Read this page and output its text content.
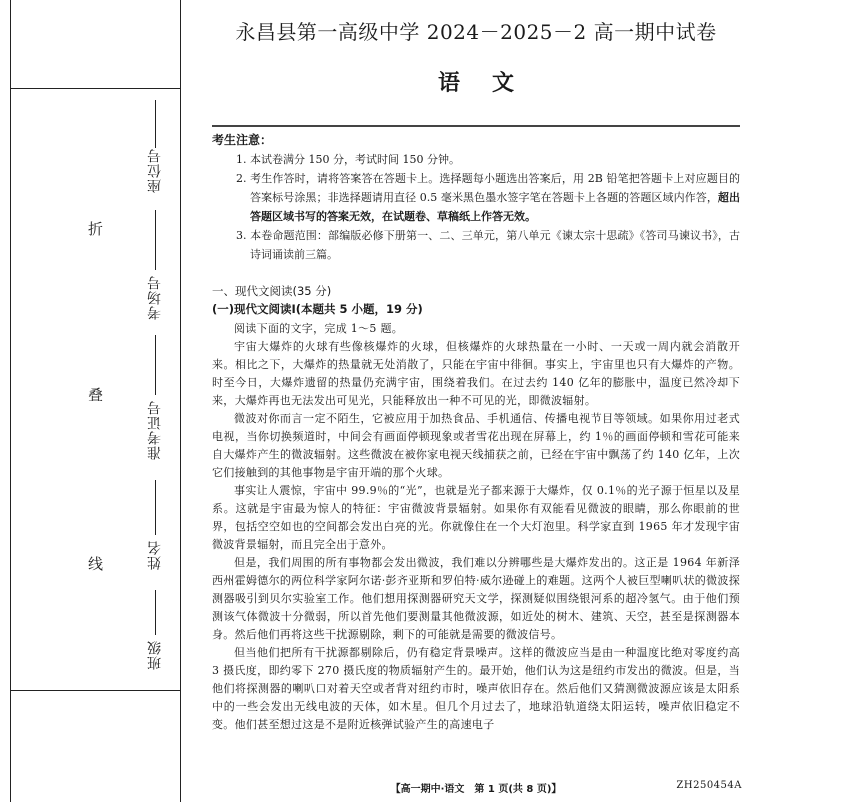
折
叠
线
座位号
考场号
准考证号
姓名
班级
永昌县第一高级中学 2024－2025－2 高一期中试卷
语 文
考生注意：
1. 本试卷满分 150 分，考试时间 150 分钟。
2. 考生作答时，请将答案答在答题卡上。选择题每小题选出答案后，用 2B 铅笔把答题卡上对应题目的答案标号涂黑；非选择题请用直径 0.5 毫米黑色墨水签字笔在答题卡上各题的答题区域内作答，超出答题区域书写的答案无效，在试题卷、草稿纸上作答无效。
3. 本卷命题范围：部编版必修下册第一、二、三单元，第八单元《谏太宗十思疏》《答司马谏议书》，古诗词诵读前三篇。
一、现代文阅读(35 分)
(一)现代文阅读Ⅰ(本题共 5 小题，19 分)

阅读下面的文字，完成 1～5 题。

宇宙大爆炸的火球有些像核爆炸的火球，但核爆炸的火球热量在一小时、一天或一周内就会消散开来。相比之下，大爆炸的热量就无处消散了，只能在宇宙中徘徊。事实上，宇宙里也只有大爆炸的产物。时至今日，大爆炸遗留的热量仍充满宇宙，围绕着我们。在过去约 140 亿年的膨胀中，温度已然冷却下来，大爆炸再也无法发出可见光，只能释放出一种不可见的光，即微波辐射。

微波对你而言一定不陌生，它被应用于加热食品、手机通信、传播电视节目等领域。如果你用过老式电视，当你切换频道时，中间会有画面停顿现象或者雪花出现在屏幕上，约 1％的画面停顿和雪花可能来自大爆炸产生的微波辐射。这些微波在被你家电视天线捕获之前，已经在宇宙中飘荡了约 140 亿年，上次它们接触到的其他事物是宇宙开端的那个火球。

事实让人震惊，宇宙中 99.9％的“光”，也就是光子都来源于大爆炸，仅 0.1％的光子源于恒星以及星系。这就是宇宙最为惊人的特征：宇宙微波背景辐射。如果你有双能看见微波的眼睛，那么你眼前的世界，包括空空如也的空间都会发出白亮的光。你就像住在一个大灯泡里。科学家直到 1965 年才发现宇宙微波背景辐射，而且完全出于意外。

但是，我们周围的所有事物都会发出微波，我们难以分辨哪些是大爆炸发出的。这正是 1964 年新泽西州霍姆德尔的两位科学家阿尔诺·彭齐亚斯和罗伯特·威尔逊碰上的难题。这两个人被巨型喇叭状的微波探测器吸引到贝尔实验室工作。他们想用探测器研究天文学，探测疑似围绕银河系的超冷氢气。由于他们预测该气体微波十分微弱，所以首先他们要测量其他微波源，如近处的树木、建筑、天空，甚至是探测器本身。然后他们再将这些干扰源剔除，剩下的可能就是需要的微波信号。

但当他们把所有干扰源都剔除后，仍有稳定背景噪声。这样的微波应当是由一种温度比绝对零度约高 3 摄氏度，即约零下 270 摄氏度的物质辐射产生的。最开始，他们认为这是纽约市发出的微波。但是，当他们将探测器的喇叭口对着天空或者背对纽约市时，噪声依旧存在。然后他们又猜测微波源应该是太阳系中的一些会发出无线电波的天体，如木星。但几个月过去了，地球沿轨道绕太阳运转，噪声依旧稳定不变。他们甚至想过这是不是附近核弹试验产生的高速电子

【高一期中·语文　第 1 页(共 8 页)】	ZH250454A
